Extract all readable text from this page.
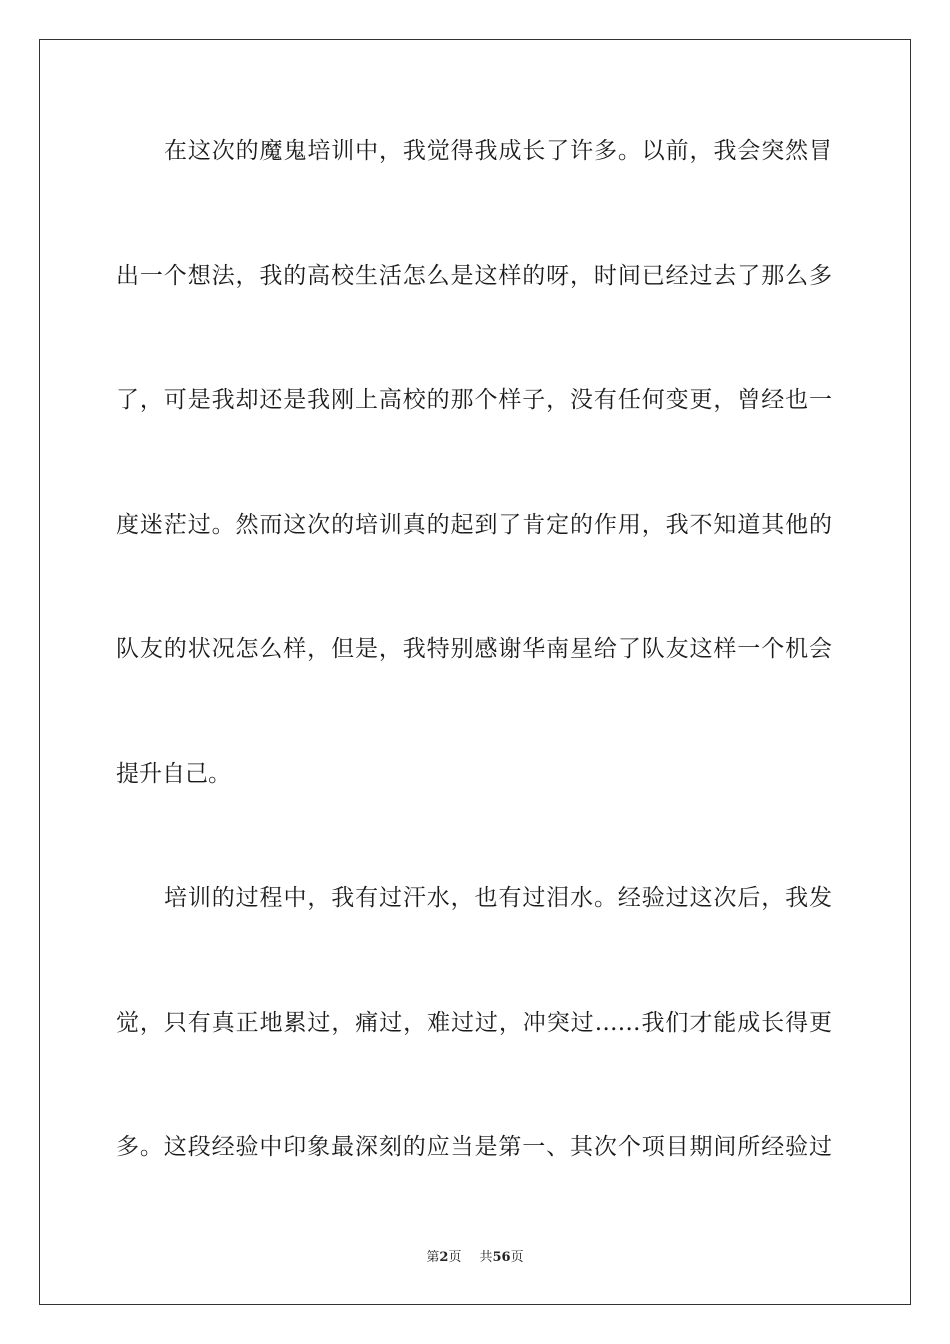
在这次的魔鬼培训中，我觉得我成长了许多。以前，我会突然冒
出一个想法，我的高校生活怎么是这样的呀，时间已经过去了那么多
了，可是我却还是我刚上高校的那个样子，没有任何变更，曾经也一
度迷茫过。然而这次的培训真的起到了肯定的作用，我不知道其他的
队友的状况怎么样，但是，我特别感谢华南星给了队友这样一个机会
提升自己。
培训的过程中，我有过汗水，也有过泪水。经验过这次后，我发
觉，只有真正地累过，痛过，难过过，冲突过……我们才能成长得更
多。这段经验中印象最深刻的应当是第一、其次个项目期间所经验过
第2页 共56页
